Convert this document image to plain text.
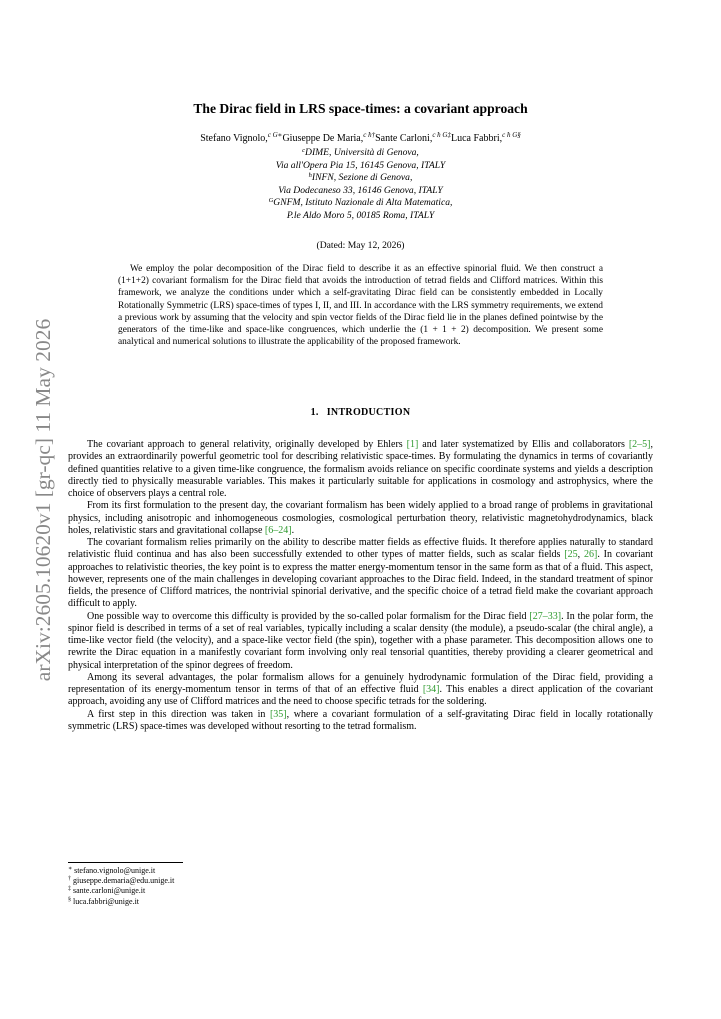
arXiv:2605.10620v1 [gr-qc] 11 May 2026
The Dirac field in LRS space-times: a covariant approach
Stefano Vignolo,$^{c G∗}$Giuseppe De Maria,$^{c ħ\dagger}$Sante Carloni,$^{c ħ G\ddagger}$Luca Fabbri,$^{c ħ G\S}$
$^c$DIME, Università di Genova,
Via all'Opera Pia 15, 16145 Genova, ITALY
$^ħ$INFN, Sezione di Genova,
Via Dodecaneso 33, 16146 Genova, ITALY
$^G$GNFM, Istituto Nazionale di Alta Matematica,
P.le Aldo Moro 5, 00185 Roma, ITALY
(Dated: May 12, 2026)

We employ the polar decomposition of the Dirac field to describe it as an effective spinorial fluid. We then construct a (1+1+2) covariant formalism for the Dirac field that avoids the introduction of tetrad fields and Clifford matrices. Within this framework, we analyze the conditions under which a self-gravitating Dirac field can be consistently embedded in Locally Rotationally Symmetric (LRS) space-times of types I, II, and III. In accordance with the LRS symmetry requirements, we extend a previous work by assuming that the velocity and spin vector fields of the Dirac field lie in the planes defined pointwise by the generators of the time-like and space-like congruences, which underlie the (1 + 1 + 2) decomposition. We present some analytical and numerical solutions to illustrate the applicability of the proposed framework.

1. INTRODUCTION

The covariant approach to general relativity, originally developed by Ehlers [1] and later systematized by Ellis and collaborators [2–5], provides an extraordinarily powerful geometric tool for describing relativistic space-times. By formulating the dynamics in terms of covariantly defined quantities relative to a given time-like congruence, the formalism avoids reliance on specific coordinate systems and yields a description directly tied to physically measurable variables. This makes it particularly suitable for applications in cosmology and astrophysics, where the choice of observers plays a central role.

From its first formulation to the present day, the covariant formalism has been widely applied to a broad range of problems in gravitational physics, including anisotropic and inhomogeneous cosmologies, cosmological perturbation theory, relativistic magnetohydrodynamics, black holes, relativistic stars and gravitational collapse [6–24].

The covariant formalism relies primarily on the ability to describe matter fields as effective fluids. It therefore applies naturally to standard relativistic fluid continua and has also been successfully extended to other types of matter fields, such as scalar fields [25, 26]. In covariant approaches to relativistic theories, the key point is to express the matter energy-momentum tensor in the same form as that of a fluid. This aspect, however, represents one of the main challenges in developing covariant approaches to the Dirac field. Indeed, in the standard treatment of spinor fields, the presence of Clifford matrices, the nontrivial spinorial derivative, and the specific choice of a tetrad field make the covariant approach difficult to apply.

One possible way to overcome this difficulty is provided by the so-called polar formalism for the Dirac field [27–33]. In the polar form, the spinor field is described in terms of a set of real variables, typically including a scalar density (the module), a pseudo-scalar (the chiral angle), a time-like vector field (the velocity), and a space-like vector field (the spin), together with a phase parameter. This decomposition allows one to rewrite the Dirac equation in a manifestly covariant form involving only real tensorial quantities, thereby providing a clearer geometrical and physical interpretation of the spinor degrees of freedom.

Among its several advantages, the polar formalism allows for a genuinely hydrodynamic formulation of the Dirac field, providing a representation of its energy-momentum tensor in terms of that of an effective fluid [34]. This enables a direct application of the covariant approach, avoiding any use of Clifford matrices and the need to choose specific tetrads for the soldering.

A first step in this direction was taken in [35], where a covariant formulation of a self-gravitating Dirac field in locally rotationally symmetric (LRS) space-times was developed without resorting to the tetrad formalism.

∗ stefano.vignolo@unige.it
† giuseppe.demaria@edu.unige.it
‡ sante.carloni@unige.it
§ luca.fabbri@unige.it
